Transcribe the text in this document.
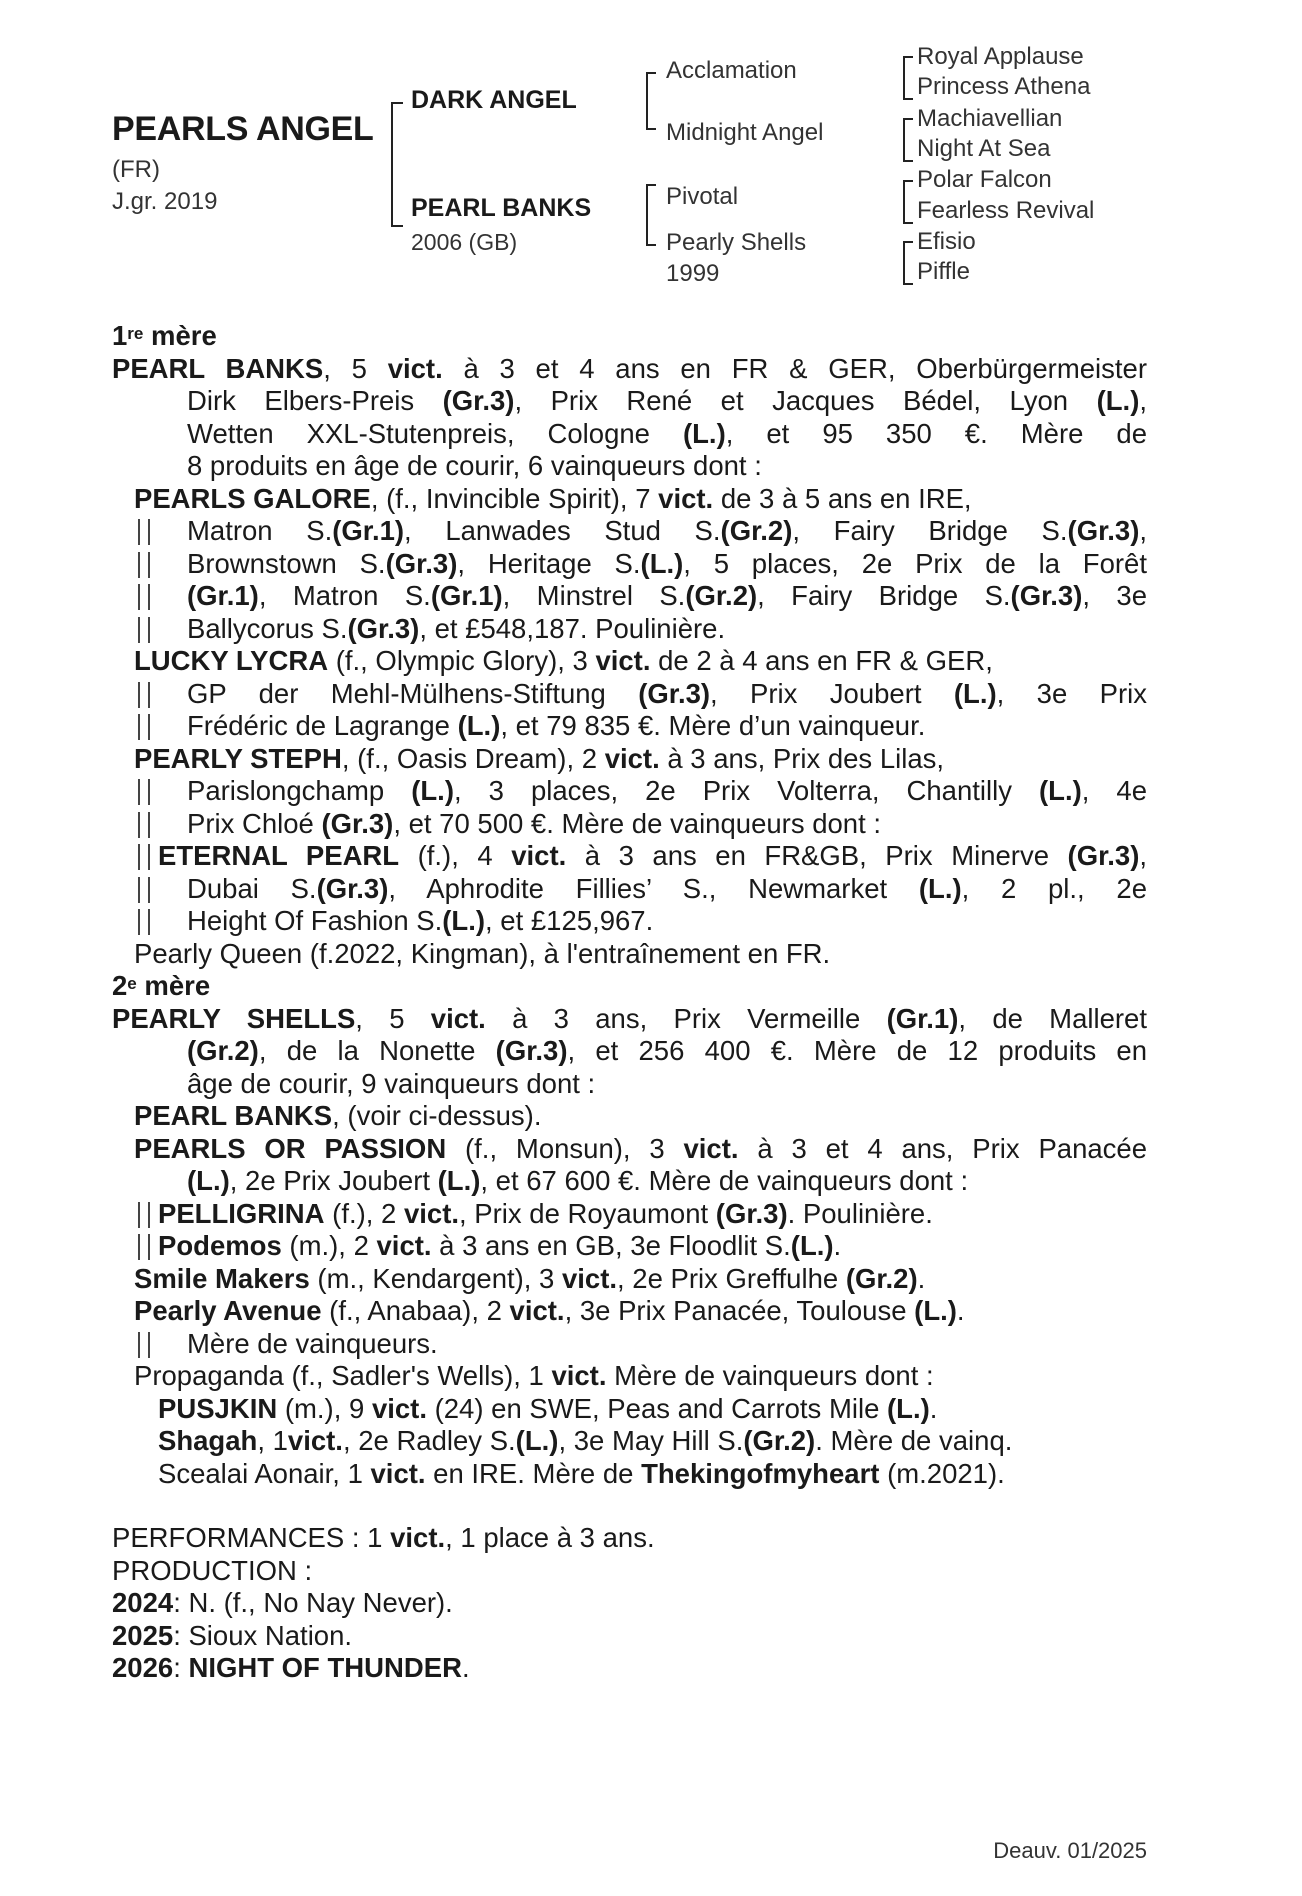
PEARLS ANGEL
(FR)
J.gr. 2019
DARK ANGEL
PEARL BANKS
2006 (GB)
Acclamation
Midnight Angel
Pivotal
Pearly Shells
1999
Royal Applause
Princess Athena
Machiavellian
Night At Sea
Polar Falcon
Fearless Revival
Efisio
Piffle
1re mère
PEARL BANKS, 5 vict. à 3 et 4 ans en FR & GER, Oberbürgermeister
Dirk Elbers-Preis (Gr.3), Prix René et Jacques Bédel, Lyon (L.),
Wetten XXL-Stutenpreis, Cologne (L.), et 95 350 €. Mère de
8 produits en âge de courir, 6 vainqueurs dont :
PEARLS GALORE, (f., Invincible Spirit), 7 vict. de 3 à 5 ans en IRE,
Matron S.(Gr.1), Lanwades Stud S.(Gr.2), Fairy Bridge S.(Gr.3),
Brownstown S.(Gr.3), Heritage S.(L.), 5 places, 2e Prix de la Forêt
(Gr.1), Matron S.(Gr.1), Minstrel S.(Gr.2), Fairy Bridge S.(Gr.3), 3e
Ballycorus S.(Gr.3), et £548,187. Poulinière.
LUCKY LYCRA (f., Olympic Glory), 3 vict. de 2 à 4 ans en FR & GER,
GP der Mehl-Mülhens-Stiftung (Gr.3), Prix Joubert (L.), 3e Prix
Frédéric de Lagrange (L.), et 79 835 €. Mère d’un vainqueur.
PEARLY STEPH, (f., Oasis Dream), 2 vict. à 3 ans, Prix des Lilas,
Parislongchamp (L.), 3 places, 2e Prix Volterra, Chantilly (L.), 4e
Prix Chloé (Gr.3), et 70 500 €. Mère de vainqueurs dont :
ETERNAL PEARL (f.), 4 vict. à 3 ans en FR&GB, Prix Minerve (Gr.3),
Dubai S.(Gr.3), Aphrodite Fillies’ S., Newmarket (L.), 2 pl., 2e
Height Of Fashion S.(L.), et £125,967.
Pearly Queen (f.2022, Kingman), à l'entraînement en FR.
2e mère
PEARLY SHELLS, 5 vict. à 3 ans, Prix Vermeille (Gr.1), de Malleret
(Gr.2), de la Nonette (Gr.3), et 256 400 €. Mère de 12 produits en
âge de courir, 9 vainqueurs dont :
PEARL BANKS, (voir ci-dessus).
PEARLS OR PASSION (f., Monsun), 3 vict. à 3 et 4 ans, Prix Panacée
(L.), 2e Prix Joubert (L.), et 67 600 €. Mère de vainqueurs dont :
PELLIGRINA (f.), 2 vict., Prix de Royaumont (Gr.3). Poulinière.
Podemos (m.), 2 vict. à 3 ans en GB, 3e Floodlit S.(L.).
Smile Makers (m., Kendargent), 3 vict., 2e Prix Greffulhe (Gr.2).
Pearly Avenue (f., Anabaa), 2 vict., 3e Prix Panacée, Toulouse (L.).
Mère de vainqueurs.
Propaganda (f., Sadler's Wells), 1 vict. Mère de vainqueurs dont :
PUSJKIN (m.), 9 vict. (24) en SWE, Peas and Carrots Mile (L.).
Shagah, 1vict., 2e Radley S.(L.), 3e May Hill S.(Gr.2). Mère de vainq.
Scealai Aonair, 1 vict. en IRE. Mère de Thekingofmyheart (m.2021).
PERFORMANCES : 1 vict., 1 place à 3 ans.
PRODUCTION :
2024: N. (f., No Nay Never).
2025: Sioux Nation.
2026: NIGHT OF THUNDER.
Deauv. 01/2025
